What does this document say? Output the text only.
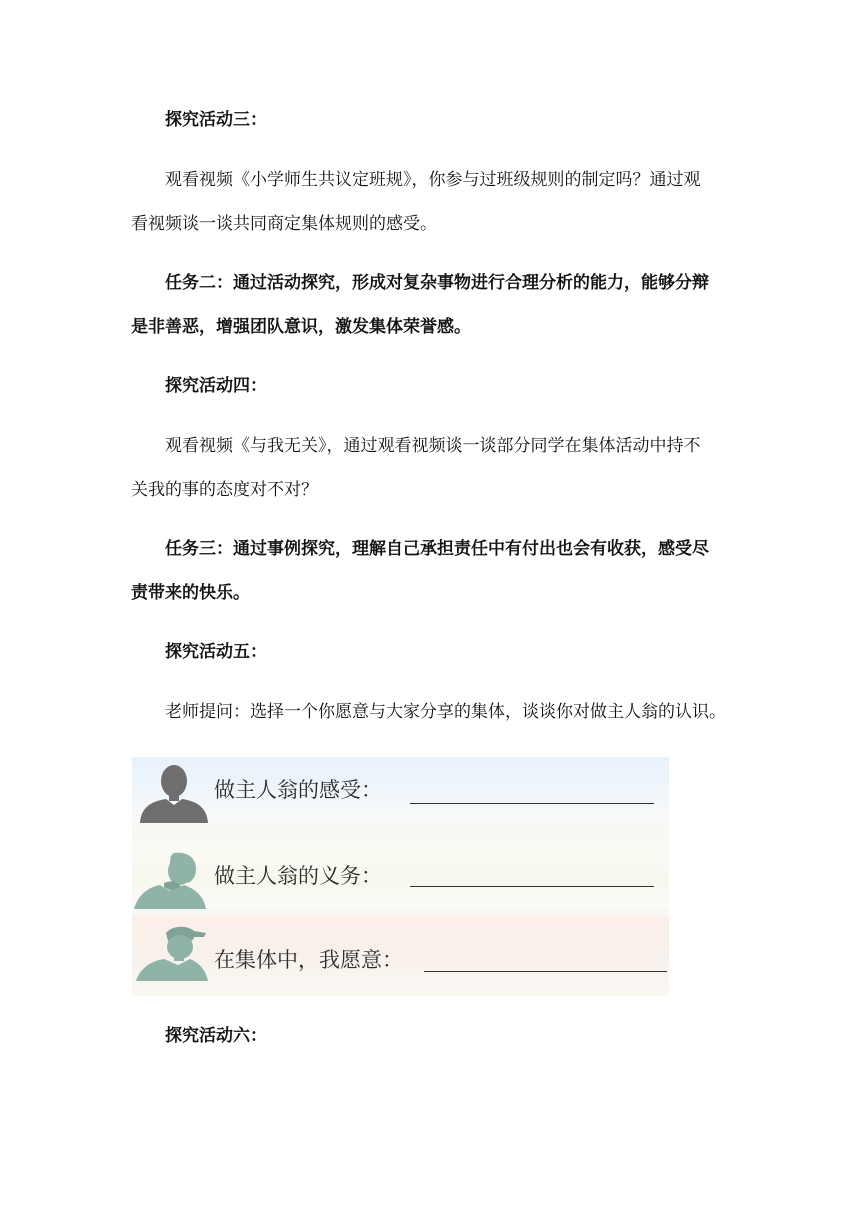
探究活动三：
观看视频《小学师生共议定班规》，你参与过班级规则的制定吗？通过观
看视频谈一谈共同商定集体规则的感受。
任务二：通过活动探究，形成对复杂事物进行合理分析的能力，能够分辩
是非善恶，增强团队意识，激发集体荣誉感。
探究活动四：
观看视频《与我无关》，通过观看视频谈一谈部分同学在集体活动中持不
关我的事的态度对不对？
任务三：通过事例探究，理解自己承担责任中有付出也会有收获，感受尽
责带来的快乐。
探究活动五：
老师提问：选择一个你愿意与大家分享的集体，谈谈你对做主人翁的认识。
做主人翁的感受：
做主人翁的义务：
在集体中，我愿意：
探究活动六：
